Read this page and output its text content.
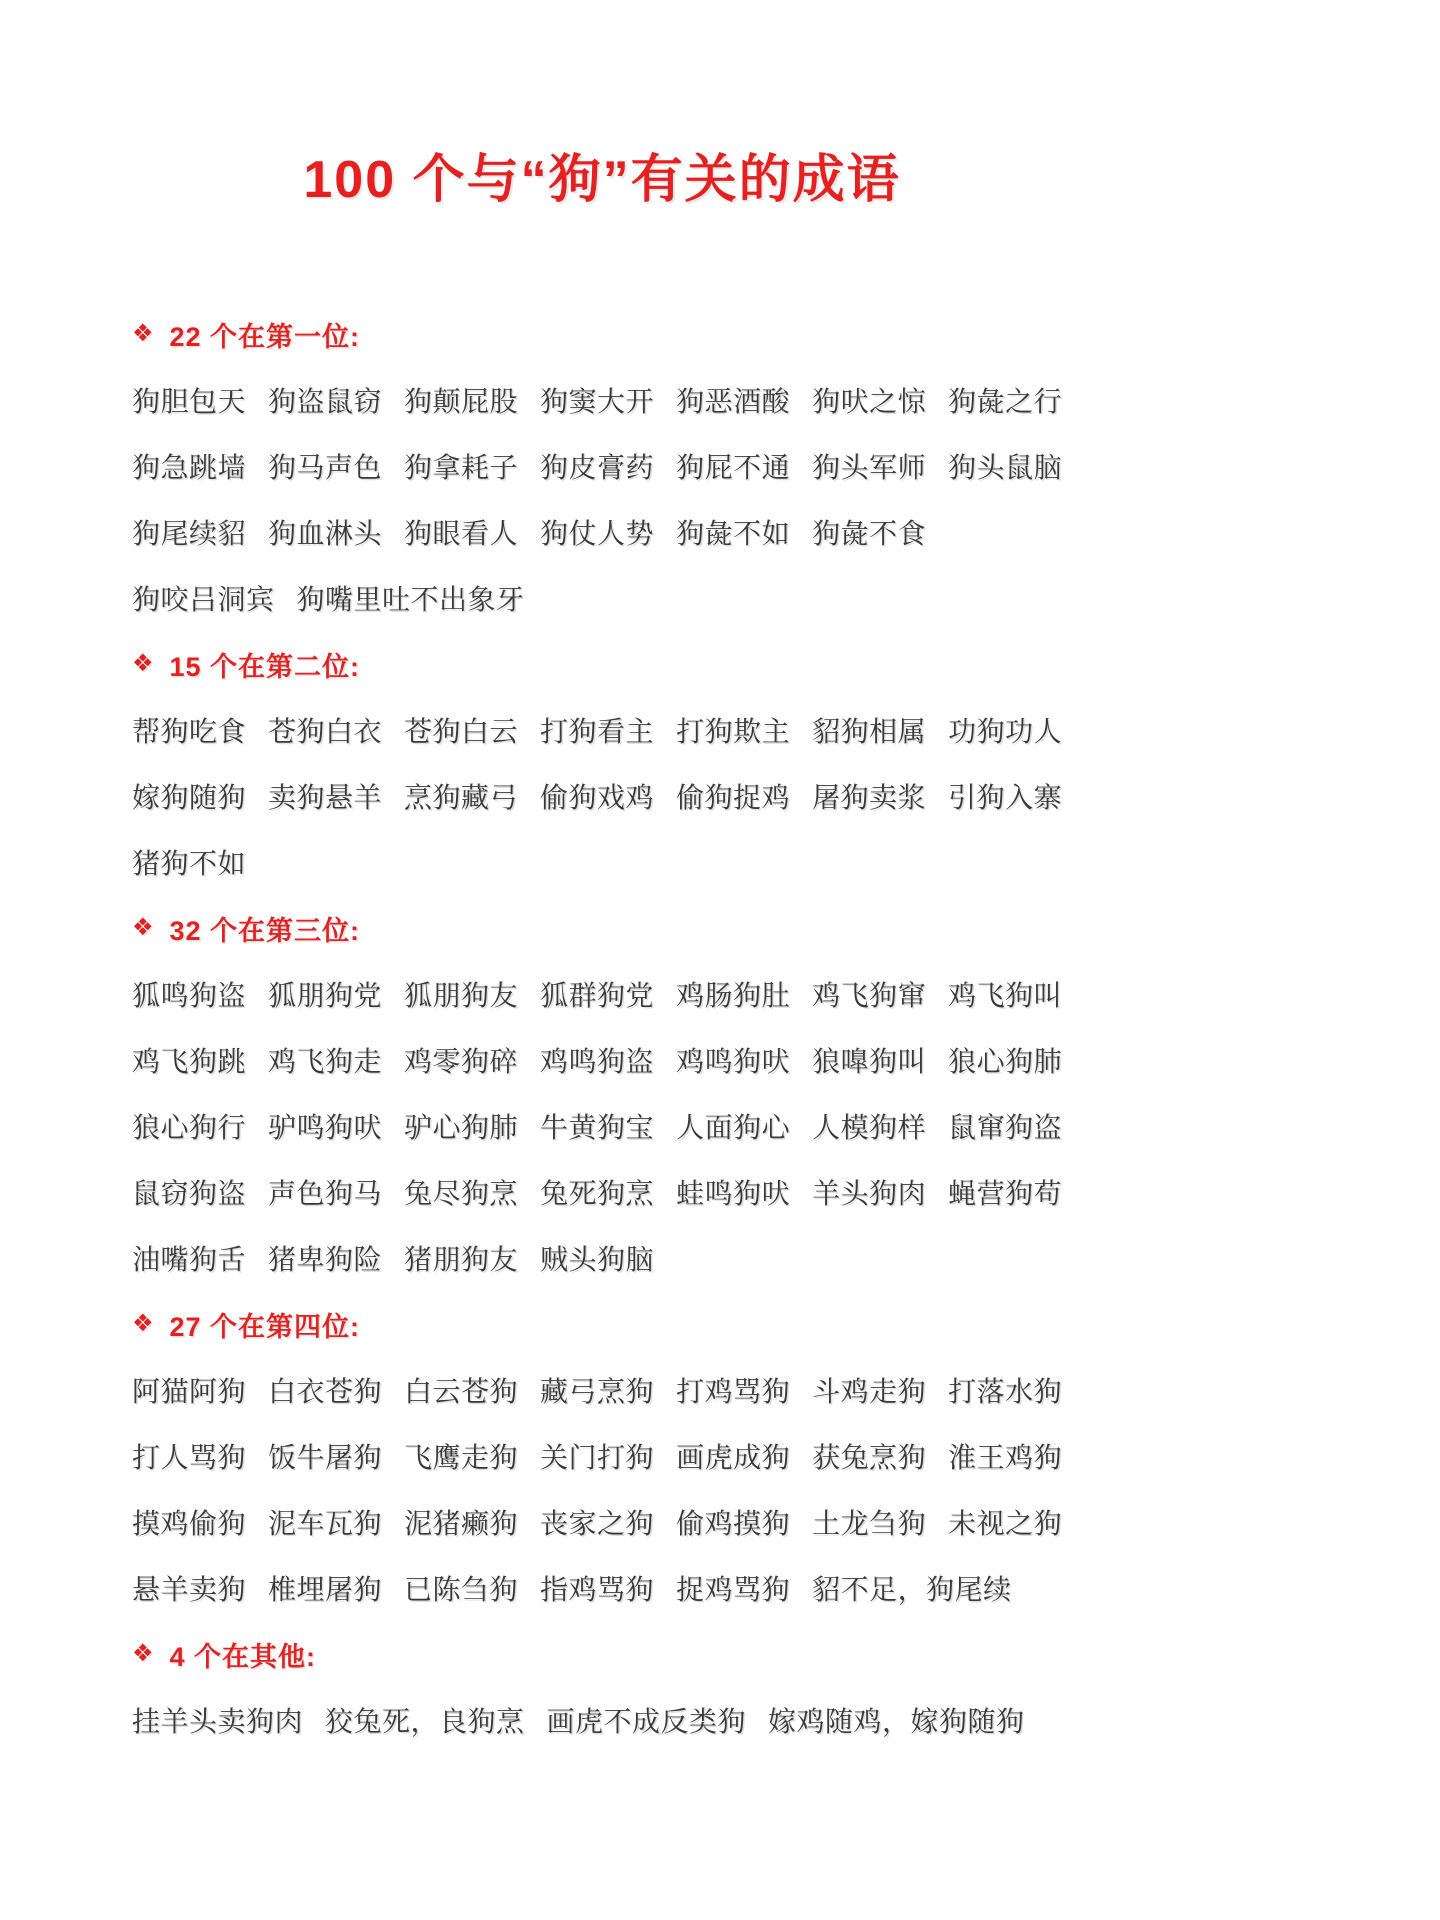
100 个与“狗”有关的成语
❖ 22 个在第一位:
狗胆包天 狗盗鼠窃 狗颠屁股 狗窦大开 狗恶酒酸 狗吠之惊 狗彘之行
狗急跳墙 狗马声色 狗拿耗子 狗皮膏药 狗屁不通 狗头军师 狗头鼠脑
狗尾续貂 狗血淋头 狗眼看人 狗仗人势 狗彘不如 狗彘不食
狗咬吕洞宾 狗嘴里吐不出象牙
❖ 15 个在第二位:
帮狗吃食 苍狗白衣 苍狗白云 打狗看主 打狗欺主 貂狗相属 功狗功人
嫁狗随狗 卖狗悬羊 烹狗藏弓 偷狗戏鸡 偷狗捉鸡 屠狗卖浆 引狗入寨
猪狗不如
❖ 32 个在第三位:
狐鸣狗盗 狐朋狗党 狐朋狗友 狐群狗党 鸡肠狗肚 鸡飞狗窜 鸡飞狗叫
鸡飞狗跳 鸡飞狗走 鸡零狗碎 鸡鸣狗盗 鸡鸣狗吠 狼嘷狗叫 狼心狗肺
狼心狗行 驴鸣狗吠 驴心狗肺 牛黄狗宝 人面狗心 人模狗样 鼠窜狗盗
鼠窃狗盗 声色狗马 兔尽狗烹 兔死狗烹 蛙鸣狗吠 羊头狗肉 蝇营狗苟
油嘴狗舌 猪卑狗险 猪朋狗友 贼头狗脑
❖ 27 个在第四位:
阿猫阿狗 白衣苍狗 白云苍狗 藏弓烹狗 打鸡骂狗 斗鸡走狗 打落水狗
打人骂狗 饭牛屠狗 飞鹰走狗 关门打狗 画虎成狗 获兔烹狗 淮王鸡狗
摸鸡偷狗 泥车瓦狗 泥猪癞狗 丧家之狗 偷鸡摸狗 土龙刍狗 未视之狗
悬羊卖狗 椎埋屠狗 已陈刍狗 指鸡骂狗 捉鸡骂狗 貂不足，狗尾续
❖ 4 个在其他:
挂羊头卖狗肉 狡兔死，良狗烹 画虎不成反类狗 嫁鸡随鸡，嫁狗随狗
